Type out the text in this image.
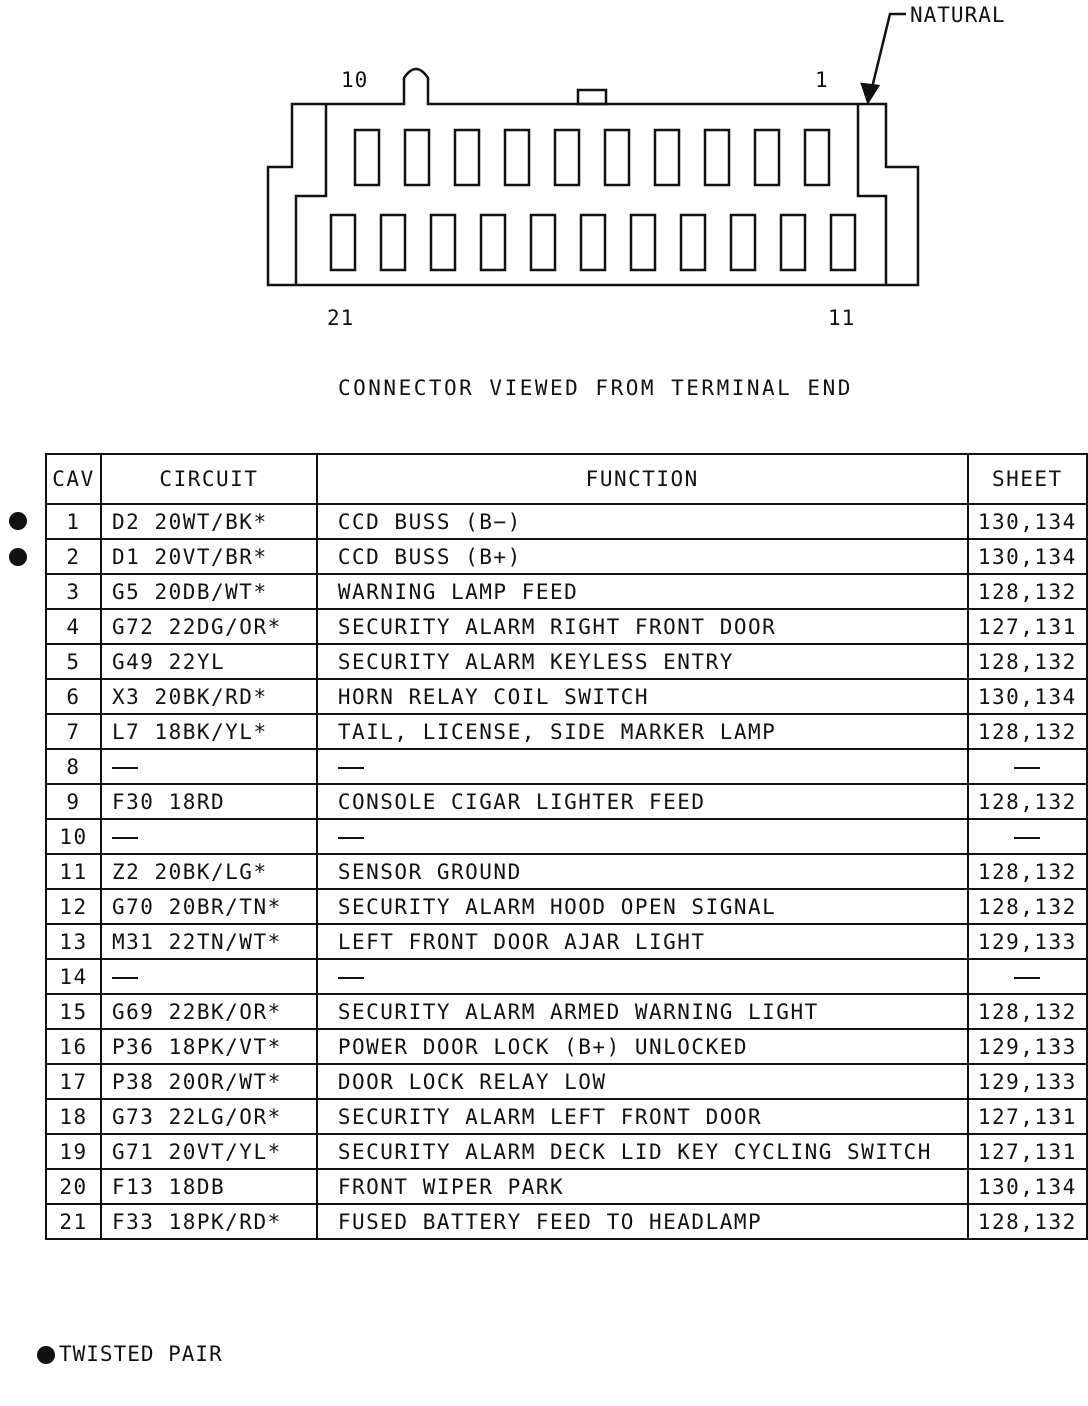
NATURAL
10	1
21	11
CONNECTOR VIEWED FROM TERMINAL END
CAV	CIRCUIT	FUNCTION	SHEET
1	D2 20WT/BK*	CCD BUSS (B−)	130,134
2	D1 20VT/BR*	CCD BUSS (B+)	130,134
3	G5 20DB/WT*	WARNING LAMP FEED	128,132
4	G72 22DG/OR*	SECURITY ALARM RIGHT FRONT DOOR	127,131
5	G49 22YL	SECURITY ALARM KEYLESS ENTRY	128,132
6	X3 20BK/RD*	HORN RELAY COIL SWITCH	130,134
7	L7 18BK/YL*	TAIL, LICENSE, SIDE MARKER LAMP	128,132
8			
9	F30 18RD	CONSOLE CIGAR LIGHTER FEED	128,132
10			
11	Z2 20BK/LG*	SENSOR GROUND	128,132
12	G70 20BR/TN*	SECURITY ALARM HOOD OPEN SIGNAL	128,132
13	M31 22TN/WT*	LEFT FRONT DOOR AJAR LIGHT	129,133
14			
15	G69 22BK/OR*	SECURITY ALARM ARMED WARNING LIGHT	128,132
16	P36 18PK/VT*	POWER DOOR LOCK (B+) UNLOCKED	129,133
17	P38 20OR/WT*	DOOR LOCK RELAY LOW	129,133
18	G73 22LG/OR*	SECURITY ALARM LEFT FRONT DOOR	127,131
19	G71 20VT/YL*	SECURITY ALARM DECK LID KEY CYCLING SWITCH	127,131
20	F13 18DB	FRONT WIPER PARK	130,134
21	F33 18PK/RD*	FUSED BATTERY FEED TO HEADLAMP	128,132
TWISTED PAIR
